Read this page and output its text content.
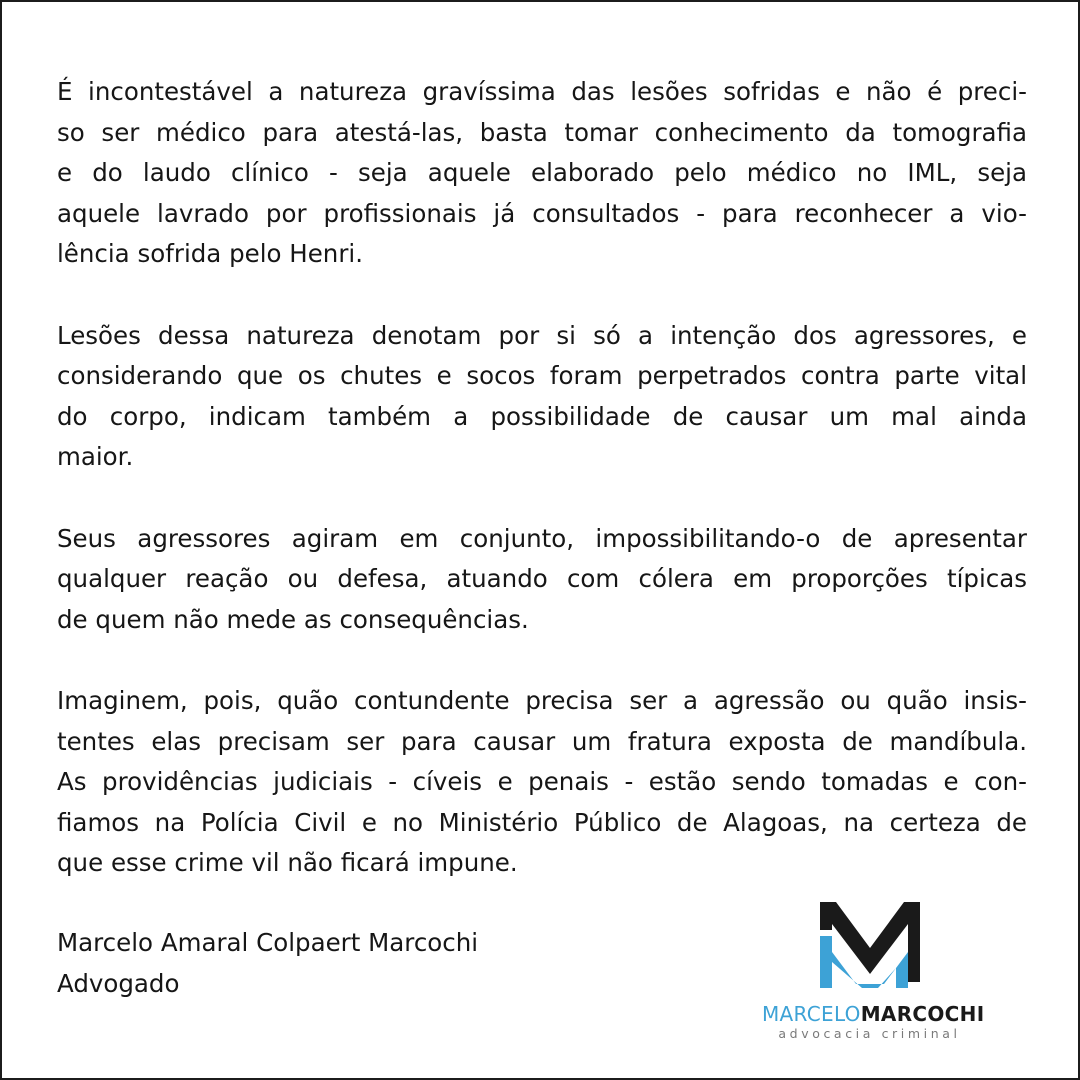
É incontestável a natureza gravíssima das lesões sofridas e não é preci-
so ser médico para atestá-las, basta tomar conhecimento da tomografia
e do laudo clínico - seja aquele elaborado pelo médico no IML, seja
aquele lavrado por profissionais já consultados - para reconhecer a vio-
lência sofrida pelo Henri.

Lesões dessa natureza denotam por si só a intenção dos agressores, e
considerando que os chutes e socos foram perpetrados contra parte vital
do corpo, indicam também a possibilidade de causar um mal ainda
maior.

Seus agressores agiram em conjunto, impossibilitando-o de apresentar
qualquer reação ou defesa, atuando com cólera em proporções típicas
de quem não mede as consequências.

Imaginem, pois, quão contundente precisa ser a agressão ou quão insis-
tentes elas precisam ser para causar um fratura exposta de mandíbula.
As providências judiciais - cíveis e penais - estão sendo tomadas e con-
fiamos na Polícia Civil e no Ministério Público de Alagoas, na certeza de
que esse crime vil não ficará impune.

Marcelo Amaral Colpaert Marcochi
Advogado
MARCELOMARCOCHI
advocacia criminal
